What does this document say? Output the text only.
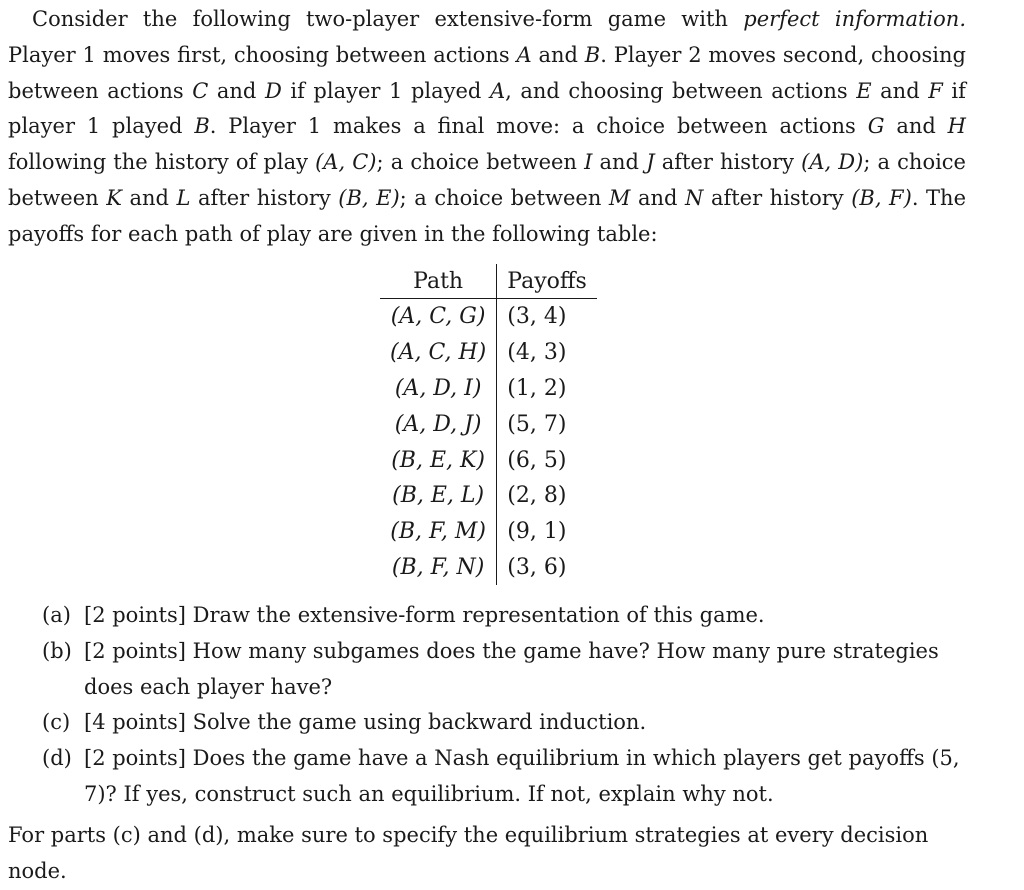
Consider the following two-player extensive-form game with perfect information. Player 1 moves first, choosing between actions A and B. Player 2 moves second, choosing between actions C and D if player 1 played A, and choosing between actions E and F if player 1 played B. Player 1 makes a final move: a choice between actions G and H following the history of play (A, C); a choice between I and J after history (A, D); a choice between K and L after history (B, E); a choice between M and N after history (B, F). The payoffs for each path of play are given in the following table:

Path	Payoffs
(A, C, G)	(3, 4)
(A, C, H)	(4, 3)
(A, D, I)	(1, 2)
(A, D, J)	(5, 7)
(B, E, K)	(6, 5)
(B, E, L)	(2, 8)
(B, F, M)	(9, 1)
(B, F, N)	(3, 6)
(a) [2 points] Draw the extensive-form representation of this game.
(b) [2 points] How many subgames does the game have? How many pure strategies does each player have?
(c) [4 points] Solve the game using backward induction.
(d) [2 points] Does the game have a Nash equilibrium in which players get payoffs (5, 7)? If yes, construct such an equilibrium. If not, explain why not.

For parts (c) and (d), make sure to specify the equilibrium strategies at every decision node.
